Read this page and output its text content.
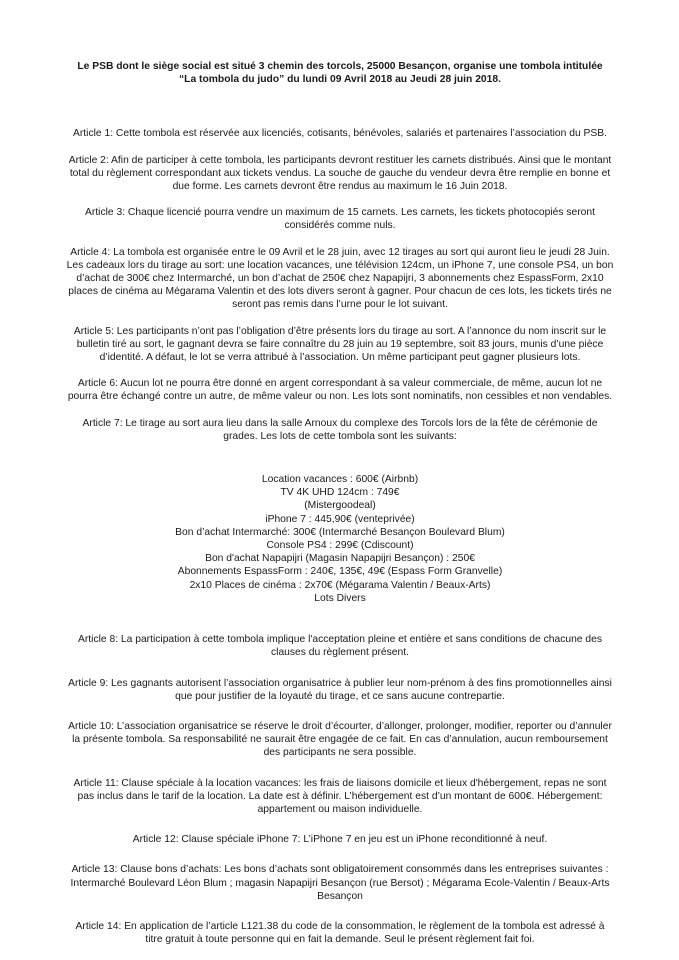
Le PSB dont le siège social est situé 3 chemin des torcols, 25000 Besançon, organise une tombola intitulée
“La tombola du judo” du lundi 09 Avril 2018 au Jeudi 28 juin 2018.

Article 1: Cette tombola est réservée aux licenciés, cotisants, bénévoles, salariés et partenaires l’association du PSB.

Article 2: Afin de participer à cette tombola, les participants devront restituer les carnets distribués. Ainsi que le montant total du règlement correspondant aux tickets vendus. La souche de gauche du vendeur devra être remplie en bonne et due forme. Les carnets devront être rendus au maximum le 16 Juin 2018.

Article 3: Chaque licencié pourra vendre un maximum de 15 carnets. Les carnets, les tickets photocopiés seront considérés comme nuls.

Article 4: La tombola est organisée entre le 09 Avril et le 28 juin, avec 12 tirages au sort qui auront lieu le jeudi 28 Juin. Les cadeaux lors du tirage au sort: une location vacances, une télévision 124cm, un iPhone 7, une console PS4, un bon d’achat de 300€ chez Intermarché, un bon d’achat de 250€ chez Napapijri, 3 abonnements chez EspassForm, 2x10 places de cinéma au Mégarama Valentin et des lots divers seront à gagner. Pour chacun de ces lots, les tickets tirés ne seront pas remis dans l’urne pour le lot suivant.

Article 5: Les participants n’ont pas l’obligation d’être présents lors du tirage au sort. A l’annonce du nom inscrit sur le bulletin tiré au sort, le gagnant devra se faire connaître du 28 juin au 19 septembre, soit 83 jours, munis d’une pièce d’identité. A défaut, le lot se verra attribué à l’association. Un même participant peut gagner plusieurs lots.

Article 6: Aucun lot ne pourra être donné en argent correspondant à sa valeur commerciale, de même, aucun lot ne pourra être échangé contre un autre, de même valeur ou non. Les lots sont nominatifs, non cessibles et non vendables.

Article 7: Le tirage au sort aura lieu dans la salle Arnoux du complexe des Torcols lors de la fête de cérémonie de grades. Les lots de cette tombola sont les suivants:

Location vacances : 600€ (Airbnb)
TV 4K UHD 124cm : 749€
(Mistergoodeal)
iPhone 7 : 445,90€ (venteprivée)
Bon d’achat Intermarché: 300€ (Intermarché Besançon Boulevard Blum)
Console PS4 : 299€ (Cdiscount)
Bon d'achat Napapijri (Magasin Napapijri Besançon) : 250€
Abonnements EspassForm : 240€, 135€, 49€ (Espass Form Granvelle)
2x10 Places de cinéma : 2x70€ (Mégarama Valentin / Beaux-Arts)
Lots Divers

Article 8: La participation à cette tombola implique l'acceptation pleine et entière et sans conditions de chacune des clauses du règlement présent.

Article 9: Les gagnants autorisent l’association organisatrice à publier leur nom-prénom à des fins promotionnelles ainsi que pour justifier de la loyauté du tirage, et ce sans aucune contrepartie.

Article 10: L’association organisatrice se réserve le droit d’écourter, d’allonger, prolonger, modifier, reporter ou d’annuler la présente tombola. Sa responsabilité ne saurait être engagée de ce fait. En cas d’annulation, aucun remboursement des participants ne sera possible.

Article 11: Clause spéciale à la location vacances: les frais de liaisons domicile et lieux d'hébergement, repas ne sont pas inclus dans le tarif de la location. La date est à définir. L’hébergement est d’un montant de 600€. Hébergement: appartement ou maison individuelle.

Article 12: Clause spéciale iPhone 7: L’iPhone 7 en jeu est un iPhone reconditionné à neuf.

Article 13: Clause bons d’achats: Les bons d’achats sont obligatoirement consommés dans les entreprises suivantes : Intermarché Boulevard Léon Blum ; magasin Napapijri Besançon (rue Bersot) ; Mégarama Ecole-Valentin / Beaux-Arts Besançon

Article 14: En application de l’article L121.38 du code de la consommation, le règlement de la tombola est adressé à titre gratuit à toute personne qui en fait la demande. Seul le présent règlement fait foi.
